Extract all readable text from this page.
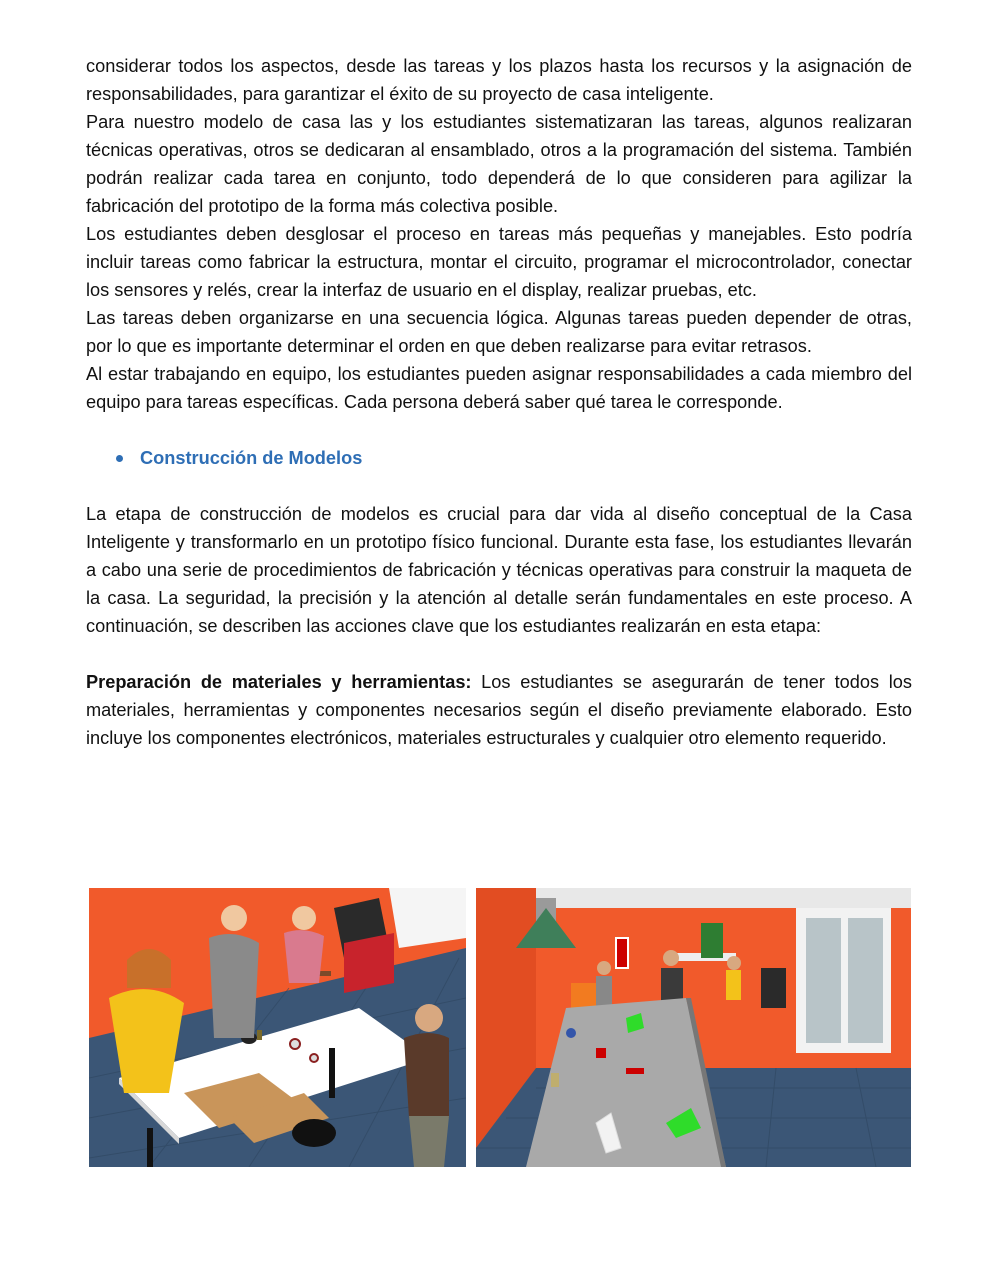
considerar todos los aspectos, desde las tareas y los plazos hasta los recursos y la asignación de responsabilidades, para garantizar el éxito de su proyecto de casa inteligente.

Para nuestro modelo de casa las y los estudiantes sistematizaran las tareas, algunos realizaran técnicas operativas, otros se dedicaran al ensamblado, otros a la programación del sistema. También podrán realizar cada tarea en conjunto, todo dependerá de lo que consideren para agilizar la fabricación del prototipo de la forma más colectiva posible.

Los estudiantes deben desglosar el proceso en tareas más pequeñas y manejables. Esto podría incluir tareas como fabricar la estructura, montar el circuito, programar el microcontrolador, conectar los sensores y relés, crear la interfaz de usuario en el display, realizar pruebas, etc.

Las tareas deben organizarse en una secuencia lógica. Algunas tareas pueden depender de otras, por lo que es importante determinar el orden en que deben realizarse para evitar retrasos.

Al estar trabajando en equipo, los estudiantes pueden asignar responsabilidades a cada miembro del equipo para tareas específicas. Cada persona deberá saber qué tarea le corresponde.

Construcción de Modelos

La etapa de construcción de modelos es crucial para dar vida al diseño conceptual de la Casa Inteligente y transformarlo en un prototipo físico funcional. Durante esta fase, los estudiantes llevarán a cabo una serie de procedimientos de fabricación y técnicas operativas para construir la maqueta de la casa. La seguridad, la precisión y la atención al detalle serán fundamentales en este proceso. A continuación, se describen las acciones clave que los estudiantes realizarán en esta etapa:

Preparación de materiales y herramientas: Los estudiantes se asegurarán de tener todos los materiales, herramientas y componentes necesarios según el diseño previamente elaborado. Esto incluye los componentes electrónicos, materiales estructurales y cualquier otro elemento requerido.
